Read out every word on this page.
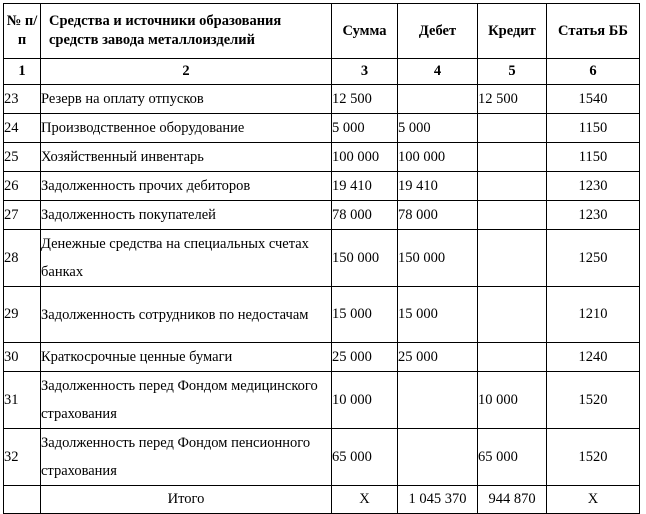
№ п/п	Средства и источники образования средств завода металлоизделий	Сумма	Дебет	Кредит	Статья ББ
1	2	3	4	5	6
23	Резерв на оплату отпусков	12 500		12 500	1540
24	Производственное оборудование	5 000	5 000		1150
25	Хозяйственный инвентарь	100 000	100 000		1150
26	Задолженность прочих дебиторов	19 410	19 410		1230
27	Задолженность покупателей	78 000	78 000		1230
28	Денежные средства на специальных счетах банках	150 000	150 000		1250
29	Задолженность сотрудников по недостачам	15 000	15 000		1210
30	Краткосрочные ценные бумаги	25 000	25 000		1240
31	Задолженность перед Фондом медицинского страхования	10 000		10 000	1520
32	Задолженность перед Фондом пенсионного страхования	65 000		65 000	1520
	Итого	Х	1 045 370	944 870	Х
